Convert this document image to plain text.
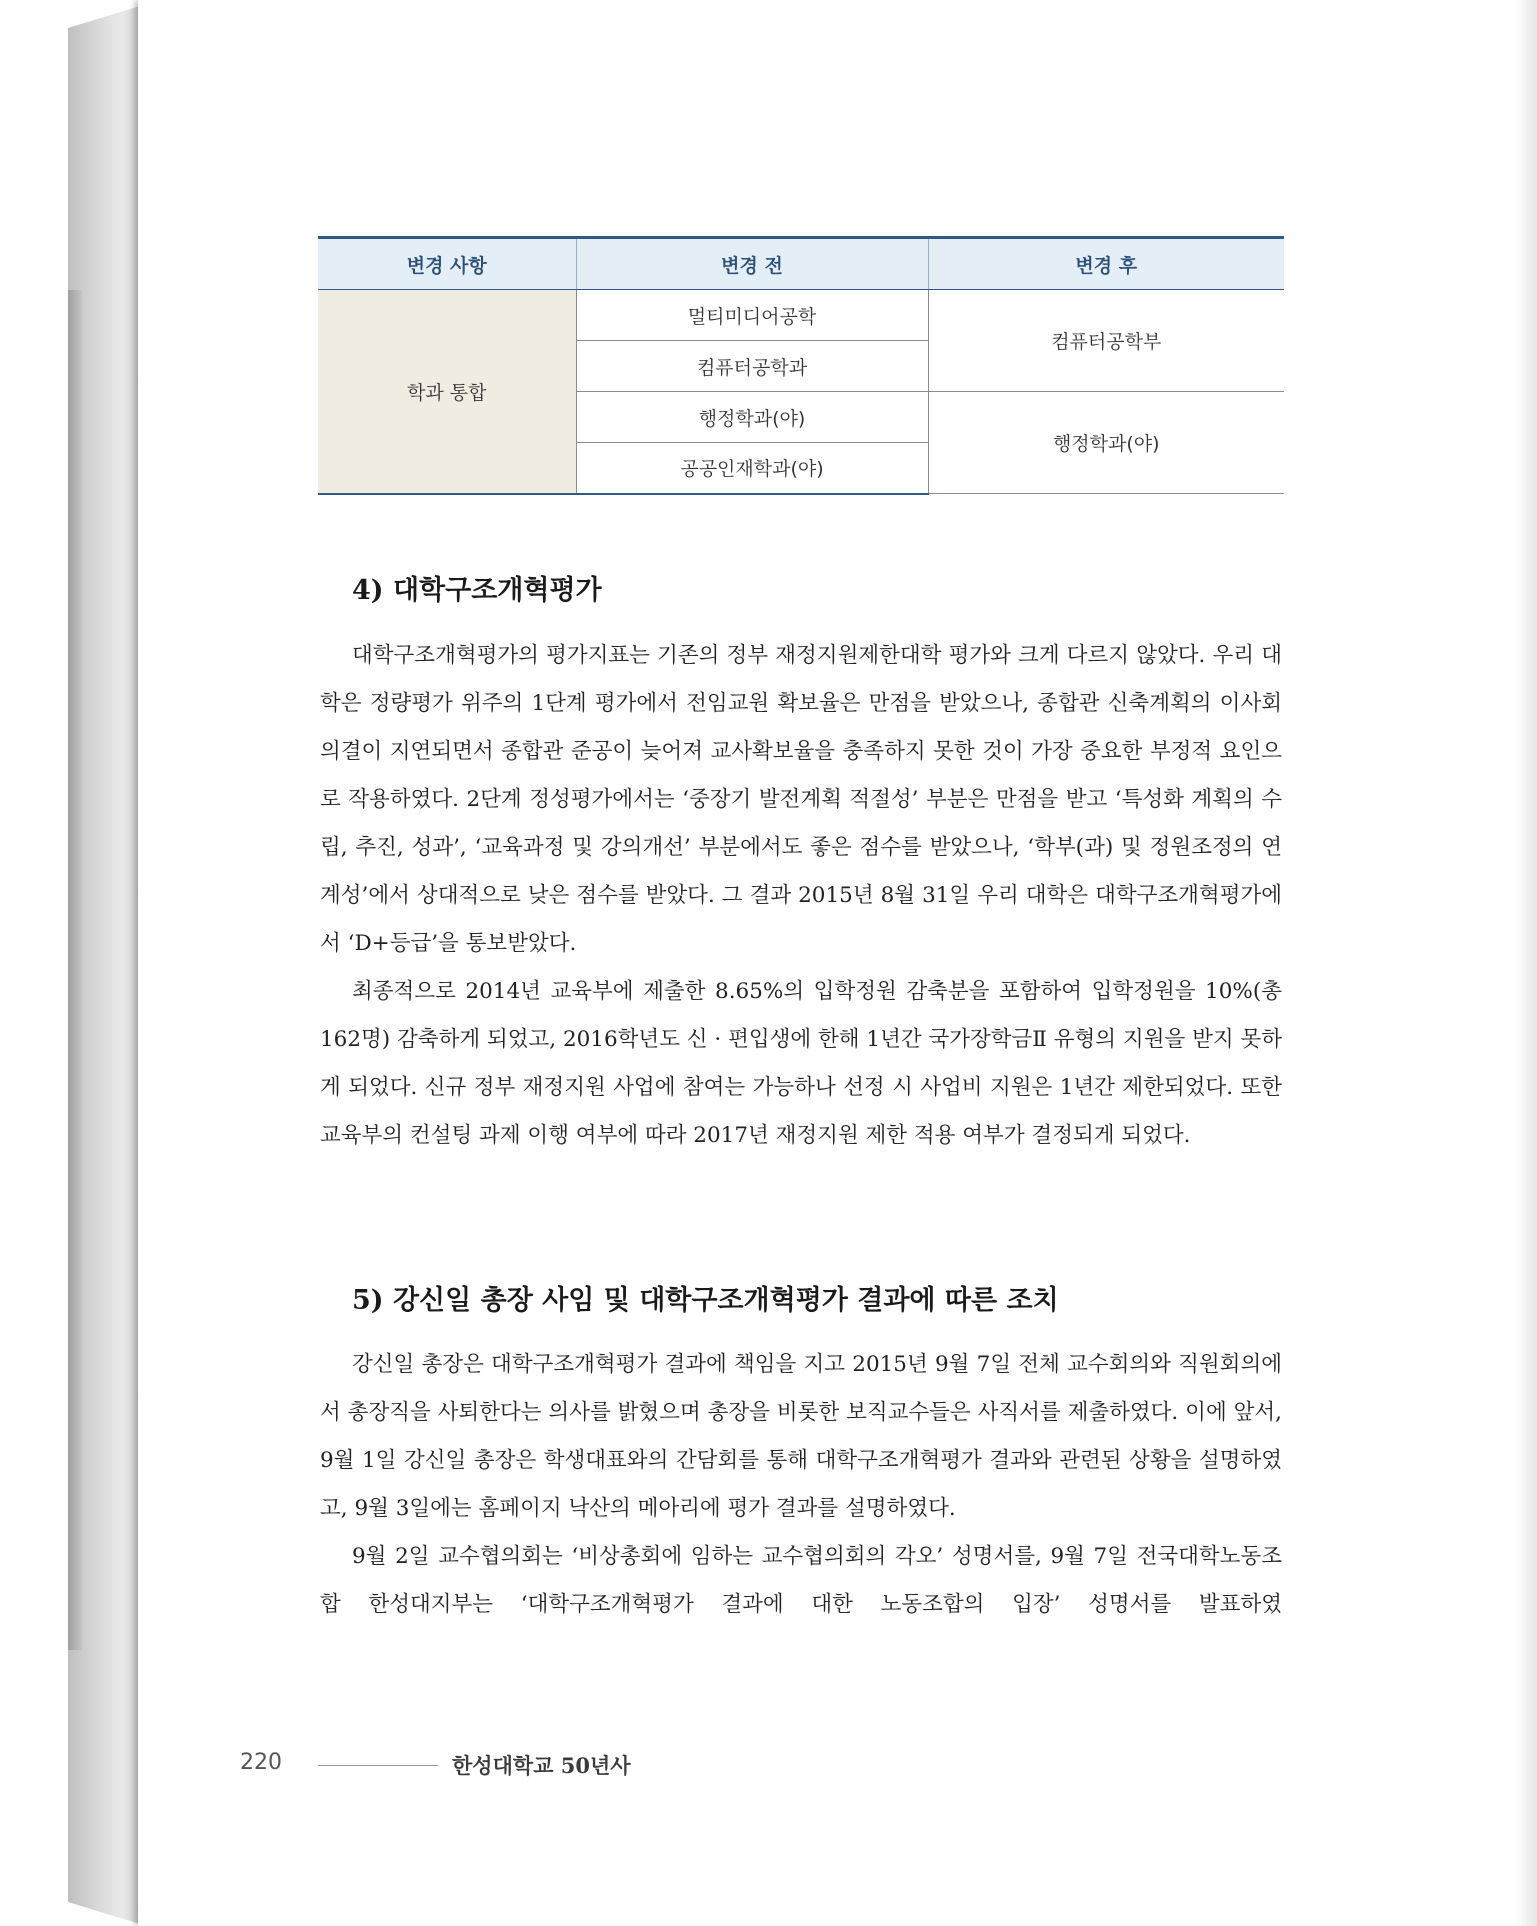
변경 사항	변경 전	변경 후
학과 통합	멀티미디어공학	컴퓨터공학부
	컴퓨터공학과	
	행정학과(야)	행정학과(야)
	공공인재학과(야)	
4) 대학구조개혁평가

대학구조개혁평가의 평가지표는 기존의 정부 재정지원제한대학 평가와 크게 다르지 않았다. 우리 대학은 정량평가 위주의 1단계 평가에서 전임교원 확보율은 만점을 받았으나, 종합관 신축계획의 이사회 의결이 지연되면서 종합관 준공이 늦어져 교사확보율을 충족하지 못한 것이 가장 중요한 부정적 요인으로 작용하였다. 2단계 정성평가에서는 ‘중장기 발전계획 적절성’ 부분은 만점을 받고 ‘특성화 계획의 수립, 추진, 성과’, ‘교육과정 및 강의개선’ 부분에서도 좋은 점수를 받았으나, ‘학부(과) 및 정원조정의 연계성’에서 상대적으로 낮은 점수를 받았다. 그 결과 2015년 8월 31일 우리 대학은 대학구조개혁평가에서 ‘D+등급’을 통보받았다.

최종적으로 2014년 교육부에 제출한 8.65%의 입학정원 감축분을 포함하여 입학정원을 10%(총 162명) 감축하게 되었고, 2016학년도 신 · 편입생에 한해 1년간 국가장학금Ⅱ 유형의 지원을 받지 못하게 되었다. 신규 정부 재정지원 사업에 참여는 가능하나 선정 시 사업비 지원은 1년간 제한되었다. 또한 교육부의 컨설팅 과제 이행 여부에 따라 2017년 재정지원 제한 적용 여부가 결정되게 되었다.

5) 강신일 총장 사임 및 대학구조개혁평가 결과에 따른 조치

강신일 총장은 대학구조개혁평가 결과에 책임을 지고 2015년 9월 7일 전체 교수회의와 직원회의에서 총장직을 사퇴한다는 의사를 밝혔으며 총장을 비롯한 보직교수들은 사직서를 제출하였다. 이에 앞서, 9월 1일 강신일 총장은 학생대표와의 간담회를 통해 대학구조개혁평가 결과와 관련된 상황을 설명하였고, 9월 3일에는 홈페이지 낙산의 메아리에 평가 결과를 설명하였다.

9월 2일 교수협의회는 ‘비상총회에 임하는 교수협의회의 각오’ 성명서를, 9월 7일 전국대학노동조합 한성대지부는 ‘대학구조개혁평가 결과에 대한 노동조합의 입장’ 성명서를 발표하였

220	한성대학교 50년사
